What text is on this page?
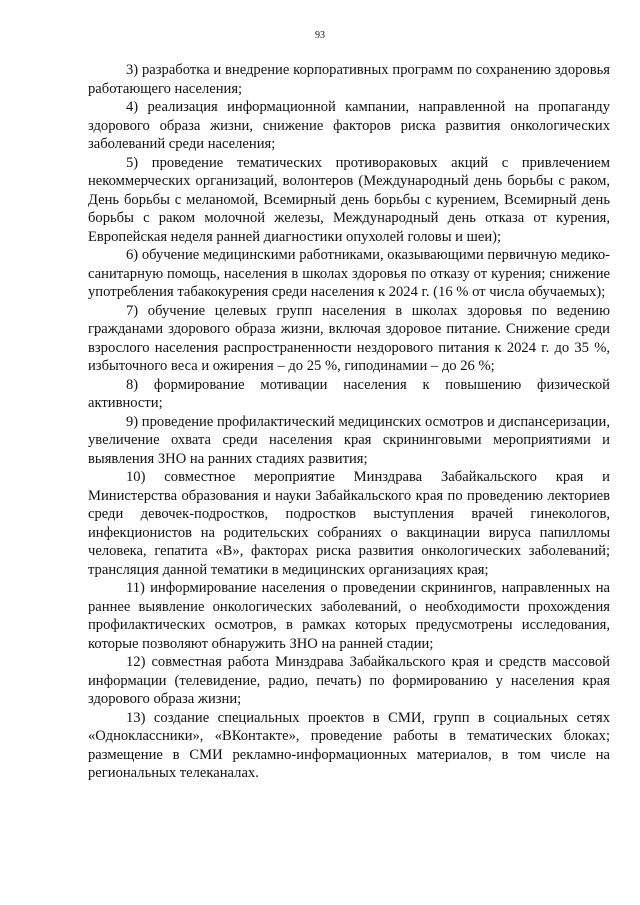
93

3) разработка и внедрение корпоративных программ по сохранению здоровья работающего населения;

4) реализация информационной кампании, направленной на пропаганду здорового образа жизни, снижение факторов риска развития онкологических заболеваний среди населения;

5) проведение тематических противораковых акций с привлечением некоммерческих организаций, волонтеров (Международный день борьбы с раком, День борьбы с меланомой, Всемирный день борьбы с курением, Всемирный день борьбы с раком молочной железы, Международный день отказа от курения, Европейская неделя ранней диагностики опухолей головы и шеи);

6) обучение медицинскими работниками, оказывающими первичную медико-санитарную помощь, населения в школах здоровья по отказу от курения; снижение употребления табакокурения среди населения к 2024 г. (16 % от числа обучаемых);

7) обучение целевых групп населения в школах здоровья по ведению гражданами здорового образа жизни, включая здоровое питание. Снижение среди взрослого населения распространенности нездорового питания к 2024 г. до 35 %, избыточного веса и ожирения – до 25 %, гиподинамии – до 26 %;

8) формирование мотивации населения к повышению физической активности;

9) проведение профилактический медицинских осмотров и диспансеризации, увеличение охвата среди населения края скрининговыми мероприятиями и выявления ЗНО на ранних стадиях развития;

10) совместное мероприятие Минздрава Забайкальского края и Министерства образования и науки Забайкальского края по проведению лекториев среди девочек-подростков, подростков выступления врачей гинекологов, инфекционистов на родительских собраниях о вакцинации вируса папилломы человека, гепатита «В», факторах риска развития онкологических заболеваний; трансляция данной тематики в медицинских организациях края;

11) информирование населения о проведении скринингов, направленных на раннее выявление онкологических заболеваний, о необходимости прохождения профилактических осмотров, в рамках которых предусмотрены исследования, которые позволяют обнаружить ЗНО на ранней стадии;

12) совместная работа Минздрава Забайкальского края и средств массовой информации (телевидение, радио, печать) по формированию у населения края здорового образа жизни;

13) создание специальных проектов в СМИ, групп в социальных сетях «Одноклассники», «ВКонтакте», проведение работы в тематических блоках; размещение в СМИ рекламно-информационных материалов, в том числе на региональных телеканалах.
